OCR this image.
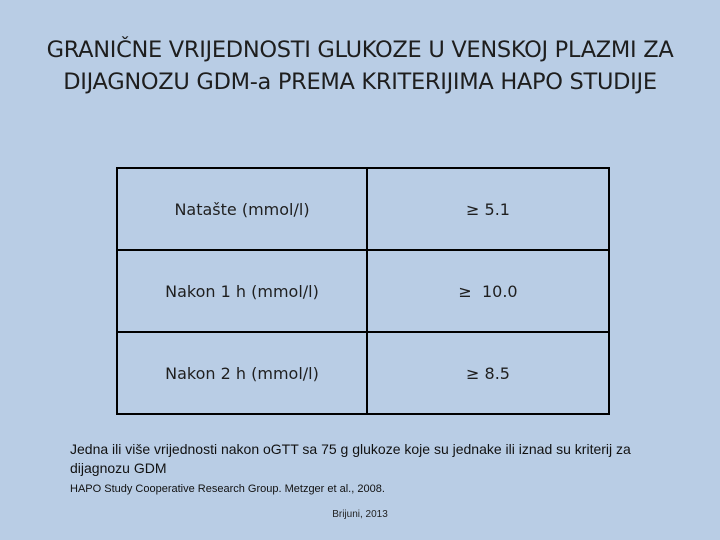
GRANIČNE VRIJEDNOSTI GLUKOZE U VENSKOJ PLAZMI ZA
DIJAGNOZU GDM-a PREMA KRITERIJIMA HAPO STUDIJE
Natašte (mmol/l)	≥ 5.1
Nakon 1 h (mmol/l)	≥  10.0
Nakon 2 h (mmol/l)	≥ 8.5
Jedna ili više vrijednosti nakon oGTT sa 75 g glukoze koje su jednake ili iznad su kriterij za dijagnozu GDM
HAPO Study Cooperative Research Group. Metzger et al., 2008.
Brijuni, 2013
